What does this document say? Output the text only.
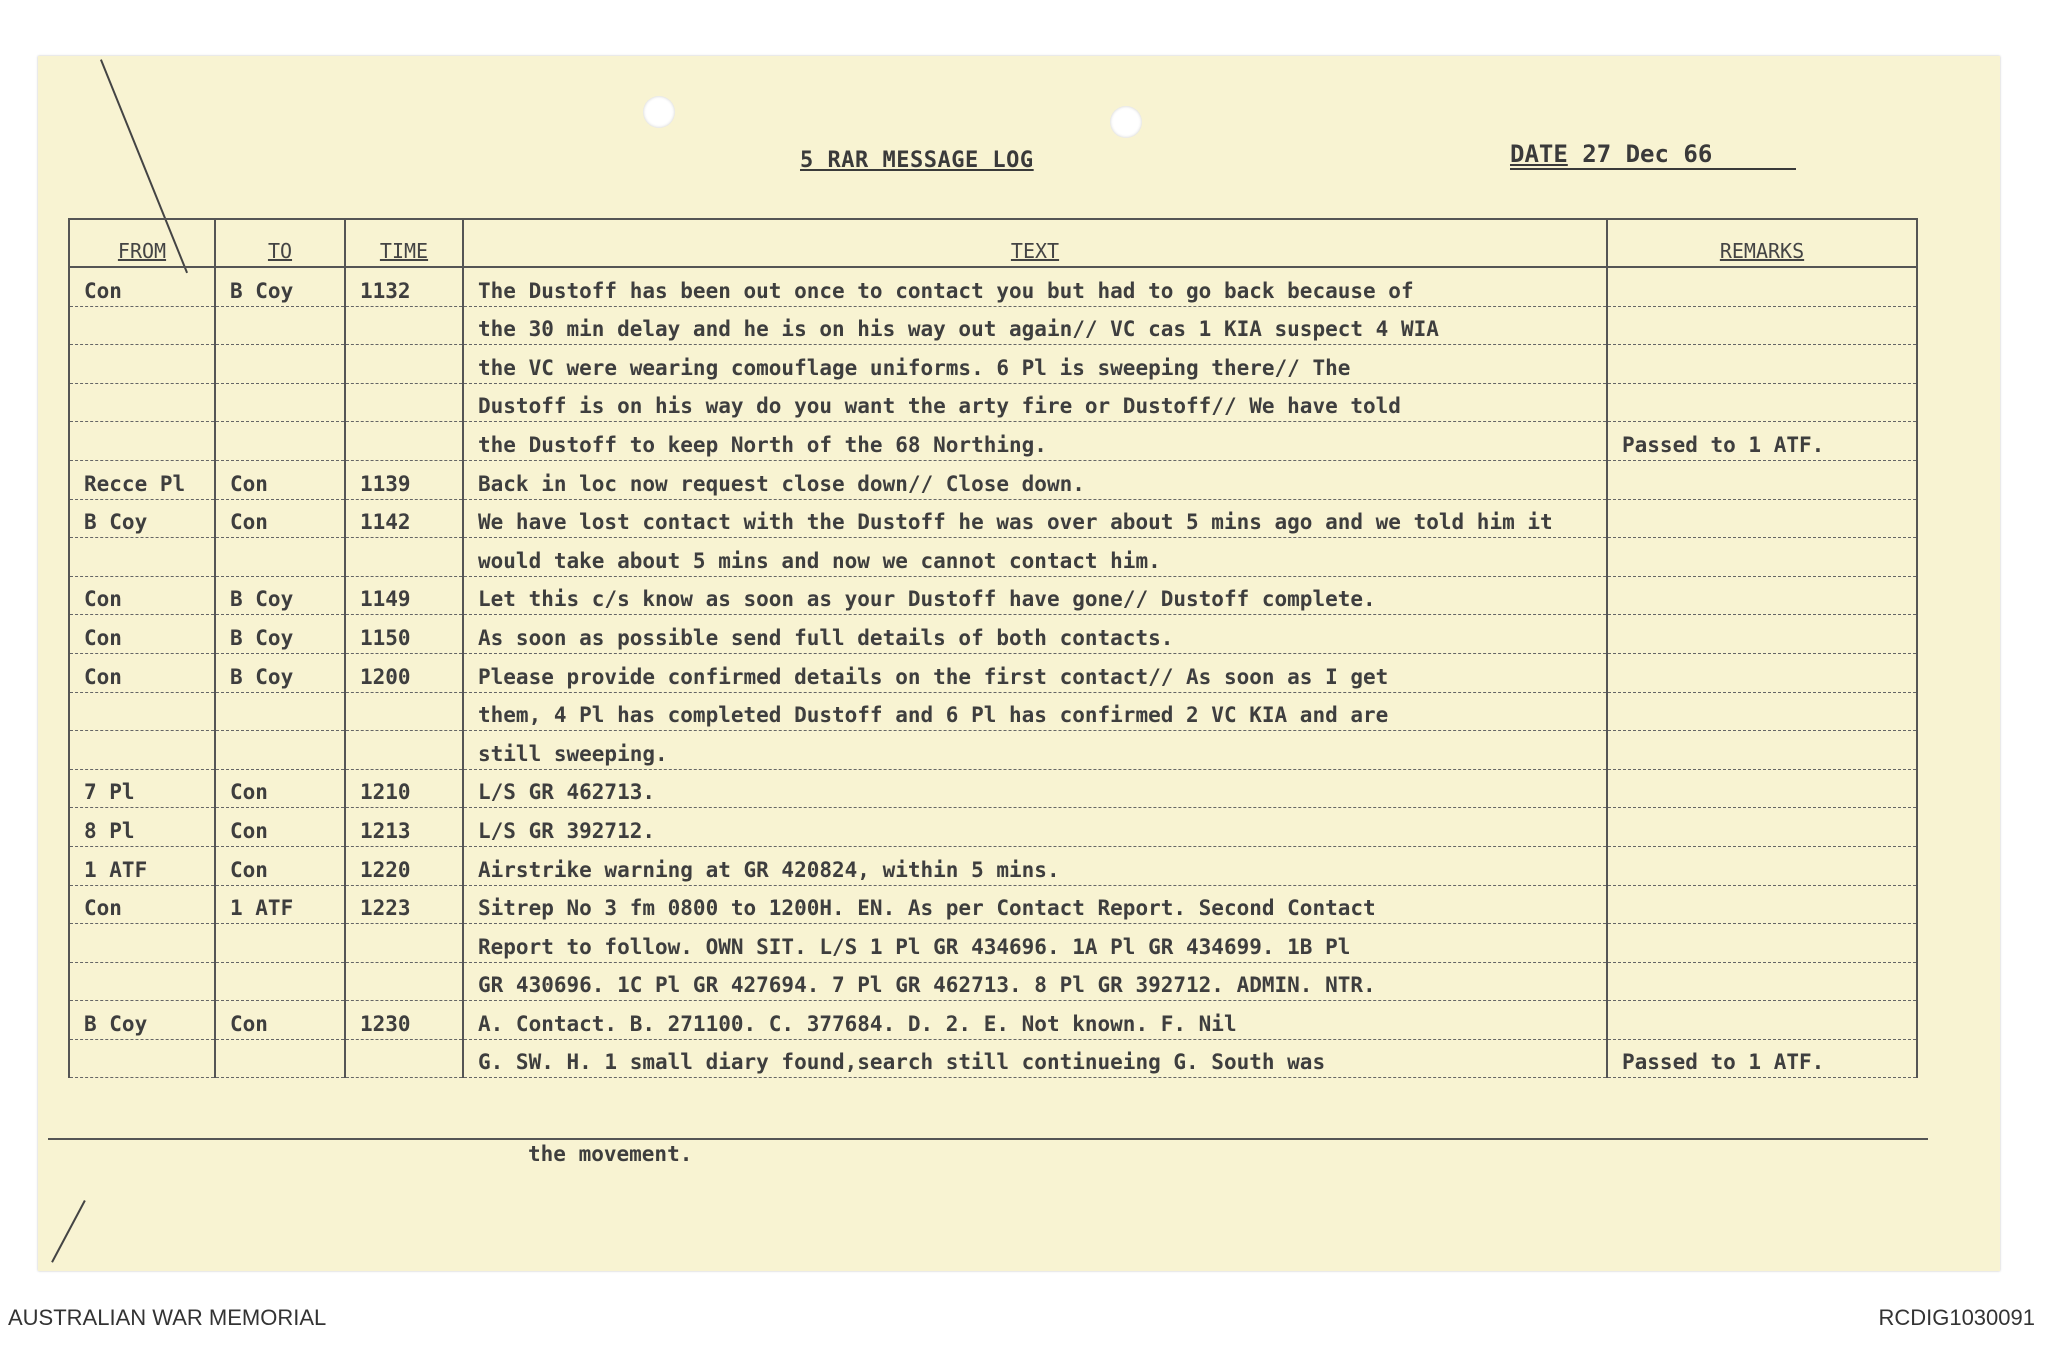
5 RAR MESSAGE LOG	DATE 27 Dec 66
FROM	TO	TIME	TEXT	REMARKS
Con	B Coy	1132	The Dustoff has been out once to contact you but had to go back because of	
			the 30 min delay and he is on his way out again// VC cas 1 KIA suspect 4 WIA	
			the VC were wearing comouflage uniforms. 6 Pl is sweeping there// The	
			Dustoff is on his way do you want the arty fire or Dustoff// We have told	
			the Dustoff to keep North of the 68 Northing.	Passed to 1 ATF.
Recce Pl	Con	1139	Back in loc now request close down// Close down.	
B Coy	Con	1142	We have lost contact with the Dustoff he was over about 5 mins ago and we told him it	
			would take about 5 mins and now we cannot contact him.	
Con	B Coy	1149	Let this c/s know as soon as your Dustoff have gone// Dustoff complete.	
Con	B Coy	1150	As soon as possible send full details of both contacts.	
Con	B Coy	1200	Please provide confirmed details on the first contact// As soon as I get	
			them, 4 Pl has completed Dustoff and 6 Pl has confirmed 2 VC KIA and are	
			still sweeping.	
7 Pl	Con	1210	L/S GR 462713.	
8 Pl	Con	1213	L/S GR 392712.	
1 ATF	Con	1220	Airstrike warning at GR 420824, within 5 mins.	
Con	1 ATF	1223	Sitrep No 3 fm 0800 to 1200H. EN. As per Contact Report. Second Contact	
			Report to follow. OWN SIT. L/S 1 Pl GR 434696. 1A Pl GR 434699. 1B Pl	
			GR 430696. 1C Pl GR 427694. 7 Pl GR 462713. 8 Pl GR 392712. ADMIN. NTR.	
B Coy	Con	1230	A. Contact. B. 271100. C. 377684. D. 2. E. Not known. F. Nil	
			G. SW. H. 1 small diary found,search still continueing G. South was	Passed to 1 ATF.
the movement.
AUSTRALIAN WAR MEMORIAL	RCDIG1030091
